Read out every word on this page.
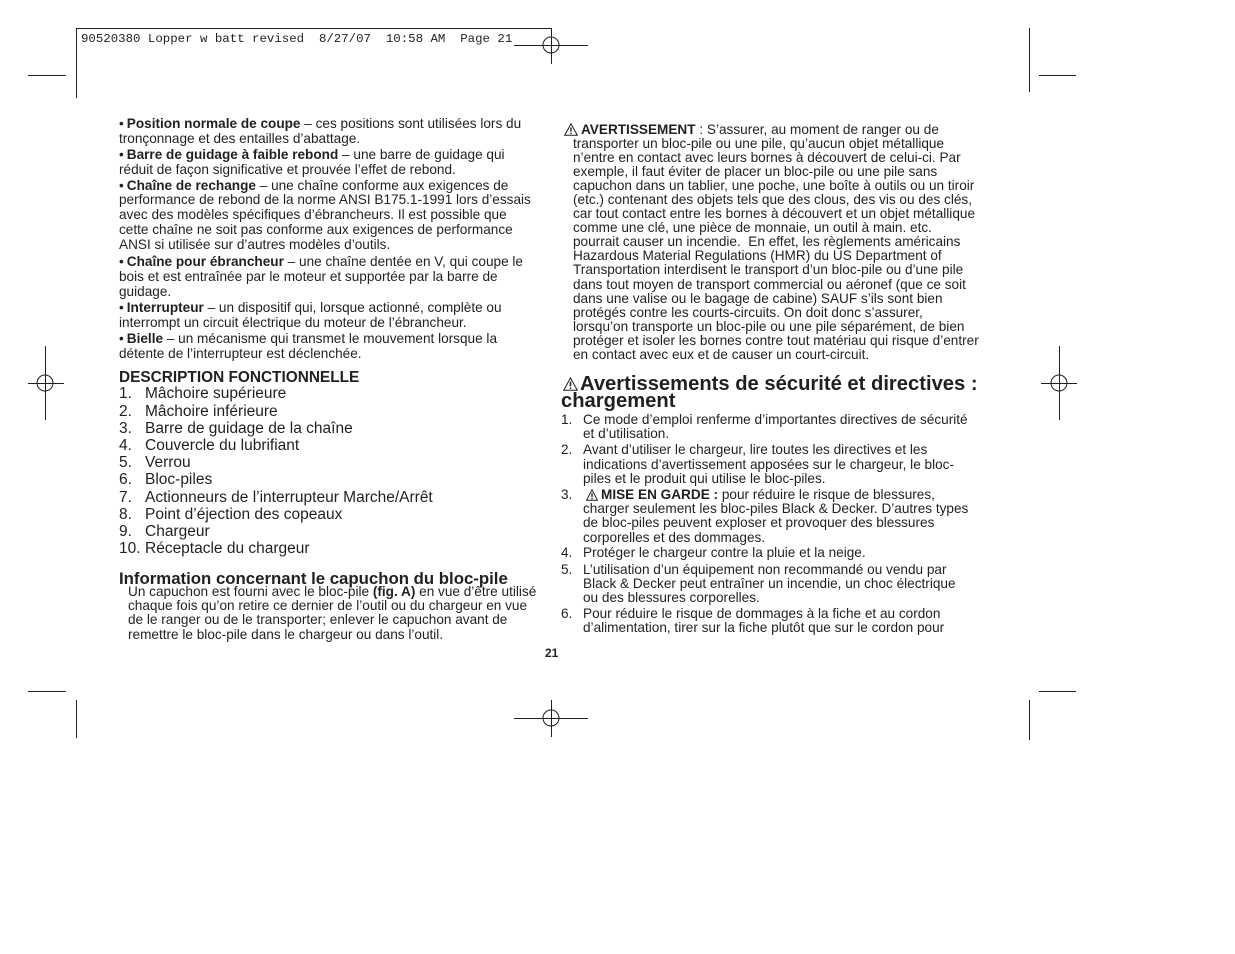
90520380 Lopper w batt revised  8/27/07  10:58 AM  Page 21
• Position normale de coupe – ces positions sont utilisées lors du
tronçonnage et des entailles d’abattage.
• Barre de guidage à faible rebond – une barre de guidage qui
réduit de façon significative et prouvée l’effet de rebond.
• Chaîne de rechange – une chaîne conforme aux exigences de
performance de rebond de la norme ANSI B175.1-1991 lors d’essais
avec des modèles spécifiques d’ébrancheurs. Il est possible que
cette chaîne ne soit pas conforme aux exigences de performance
ANSI si utilisée sur d’autres modèles d’outils.
• Chaîne pour ébrancheur – une chaîne dentée en V, qui coupe le
bois et est entraînée par le moteur et supportée par la barre de
guidage.
• Interrupteur – un dispositif qui, lorsque actionné, complète ou
interrompt un circuit électrique du moteur de l’ébrancheur.
• Bielle – un mécanisme qui transmet le mouvement lorsque la
détente de l’interrupteur est déclenchée.
DESCRIPTION FONCTIONNELLE
1. Mâchoire supérieure
2. Mâchoire inférieure
3. Barre de guidage de la chaîne
4. Couvercle du lubrifiant
5. Verrou
6. Bloc-piles
7. Actionneurs de l’interrupteur Marche/Arrêt
8. Point d’éjection des copeaux
9. Chargeur
10. Réceptacle du chargeur
Information concernant le capuchon du bloc-pile
Un capuchon est fourni avec le bloc-pile (fig. A) en vue d’être utilisé
chaque fois qu’on retire ce dernier de l’outil ou du chargeur en vue
de le ranger ou de le transporter; enlever le capuchon avant de
remettre le bloc-pile dans le chargeur ou dans l’outil.
AVERTISSEMENT : S’assurer, au moment de ranger ou de
transporter un bloc-pile ou une pile, qu’aucun objet métallique
n’entre en contact avec leurs bornes à découvert de celui-ci. Par
exemple, il faut éviter de placer un bloc-pile ou une pile sans
capuchon dans un tablier, une poche, une boîte à outils ou un tiroir
(etc.) contenant des objets tels que des clous, des vis ou des clés,
car tout contact entre les bornes à découvert et un objet métallique
comme une clé, une pièce de monnaie, un outil à main. etc.
pourrait causer un incendie.  En effet, les règlements américains
Hazardous Material Regulations (HMR) du US Department of
Transportation interdisent le transport d’un bloc-pile ou d’une pile
dans tout moyen de transport commercial ou aéronef (que ce soit
dans une valise ou le bagage de cabine) SAUF s’ils sont bien
protégés contre les courts-circuits. On doit donc s’assurer,
lorsqu’on transporte un bloc-pile ou une pile séparément, de bien
protéger et isoler les bornes contre tout matériau qui risque d’entrer
en contact avec eux et de causer un court-circuit.
Avertissements de sécurité et directives :
chargement
1. Ce mode d’emploi renferme d’importantes directives de sécurité
et d’utilisation.
2. Avant d’utiliser le chargeur, lire toutes les directives et les
indications d’avertissement apposées sur le chargeur, le bloc-
piles et le produit qui utilise le bloc-piles.
3.	MISE EN GARDE : pour réduire le risque de blessures,
charger seulement les bloc-piles Black & Decker. D’autres types
de bloc-piles peuvent exploser et provoquer des blessures
corporelles et des dommages.
4. Protéger le chargeur contre la pluie et la neige.
5. L’utilisation d’un équipement non recommandé ou vendu par
Black & Decker peut entraîner un incendie, un choc électrique
ou des blessures corporelles.
6. Pour réduire le risque de dommages à la fiche et au cordon
d’alimentation, tirer sur la fiche plutôt que sur le cordon pour
21
